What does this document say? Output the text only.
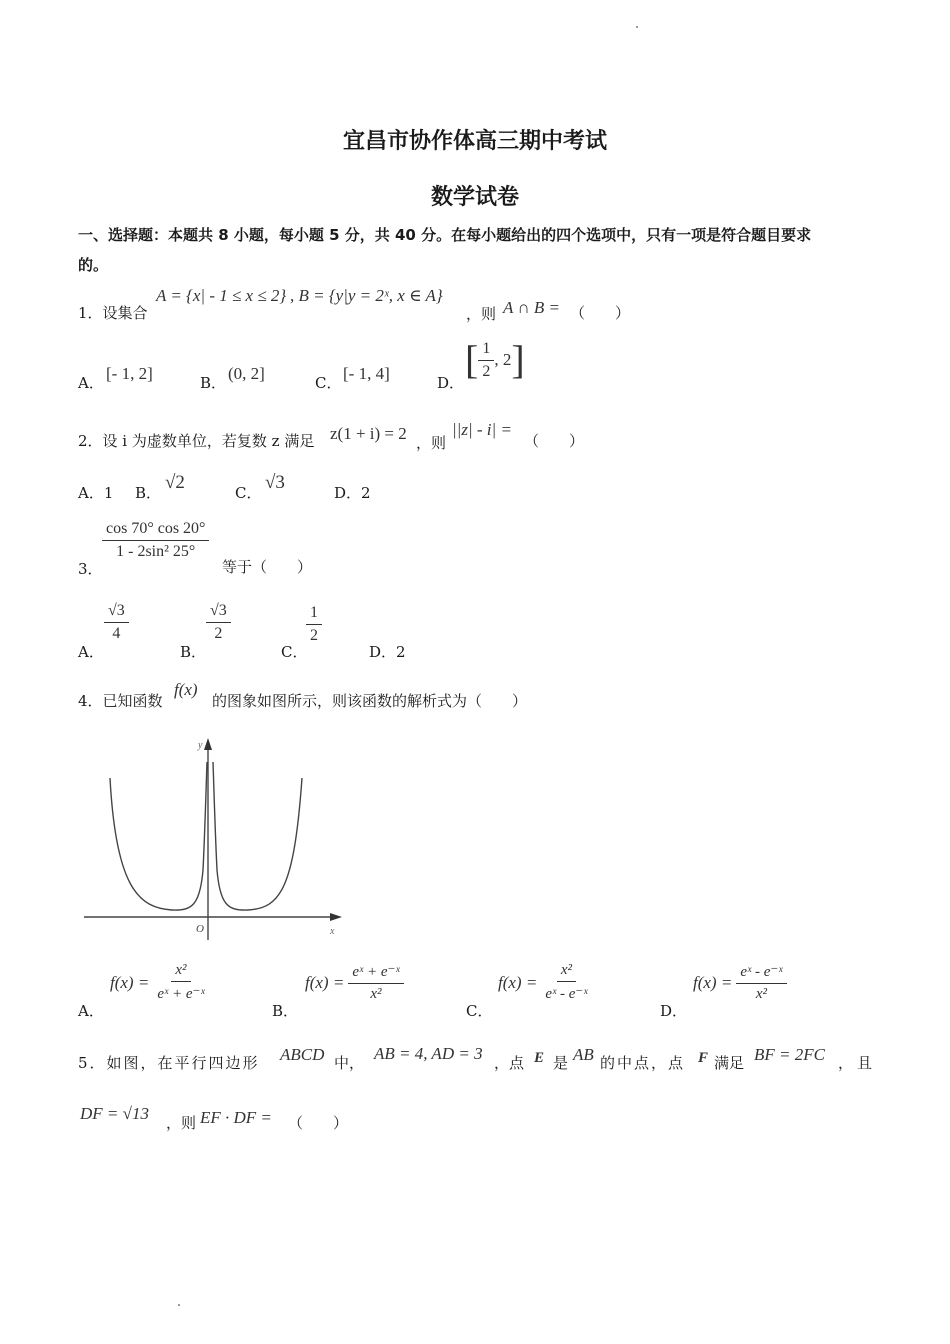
宜昌市协作体高三期中考试
数学试卷
一、选择题：本题共 8 小题，每小题 5 分，共 40 分。在每小题给出的四个选项中，只有一项是符合题目要求
的。
1．设集合
A = {x| - 1 ≤ x ≤ 2} , B = {y|y = 2ˣ, x ∈ A}
，则 A ∩ B = （　　）
A． [- 1, 2]	B． (0, 2]	C． [- 1, 4]	D．
[ $\frac{1}{2}$ , 2 ]
2．设 i 为虚数单位，若复数 z 满足 z(1 + i) = 2 ，则
||z| - i| =
（　　）
A．1 B． √2	C． √3	D．2
3．
$\frac{\cos 70^\circ \cos 20^\circ}{\text{1 - 2sin² 25°}}$
等于（　　）
A．
$\frac{√3}{4}$
B．
$\frac{√3}{2}$
C．
$\frac{1}{2}$
D．2
4．已知函数
f(x)
的图象如图所示，则该函数的解析式为（　　）
y
x
O
A．
$f(x) = \frac{\text{x²}}{\text{eˣ + e⁻ˣ}}$
B．
$f(x) = \frac{\text{eˣ + e⁻ˣ}}{\text{x²}}$
C．
$f(x) = \frac{\text{x²}}{\text{eˣ - e⁻ˣ}}$
D．
$f(x) = \frac{\text{eˣ - e⁻ˣ}}{\text{x²}}$
5．如图，在平行四边形 ABCD 中， AB = 4, AD = 3 ，点 E 是 AB 的中点，点 F 满足 BF = 2FC ，且
DF = √13 ，则 EF · DF = （　　）
